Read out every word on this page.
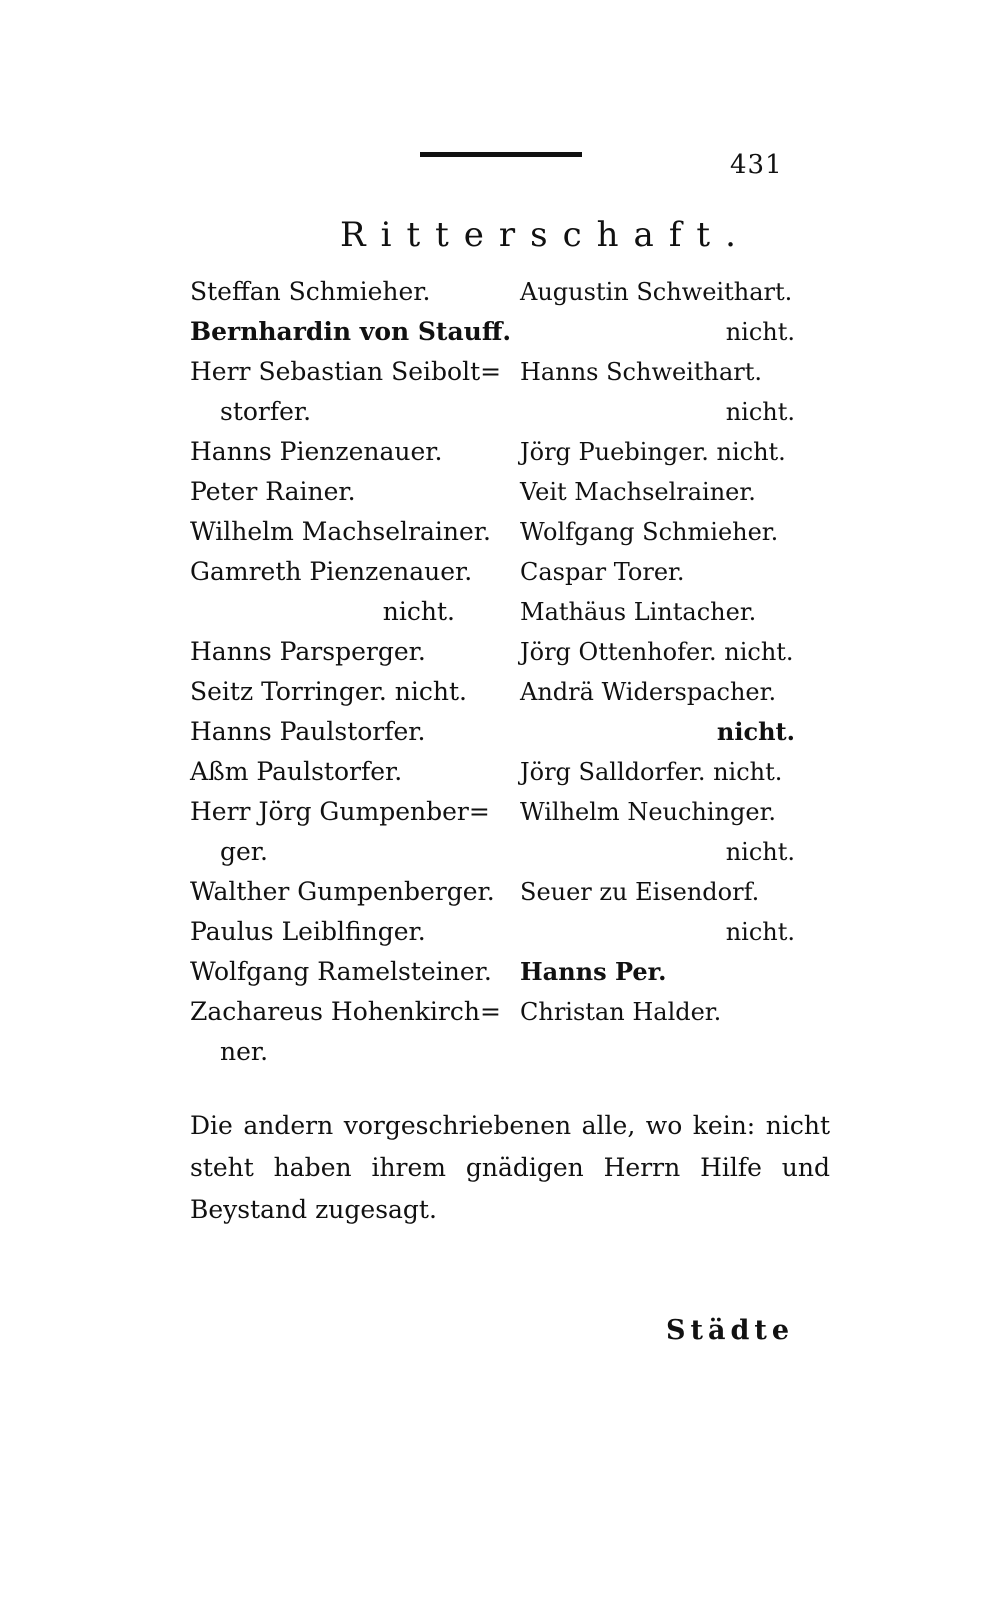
431
Ritterschaft.
Steffan Schmieher.
Bernhardin von Stauff.
Herr Sebastian Seibolt=
storfer.
Hanns Pienzenauer.
Peter Rainer.
Wilhelm Machselrainer.
Gamreth Pienzenauer.
nicht.
Hanns Parsperger.
Seitz Torringer. nicht.
Hanns Paulstorfer.
Aßm Paulstorfer.
Herr Jörg Gumpenber=
ger.
Walther Gumpenberger.
Paulus Leiblfinger.
Wolfgang Ramelsteiner.
Zachareus Hohenkirch=
ner.
Augustin Schweithart.
nicht.
Hanns Schweithart.
nicht.
Jörg Puebinger. nicht.
Veit Machselrainer.
Wolfgang Schmieher.
Caspar Torer.
Mathäus Lintacher.
Jörg Ottenhofer. nicht.
Andrä Widerspacher.
nicht.
Jörg Salldorfer. nicht.
Wilhelm Neuchinger.
nicht.
Seuer zu Eisendorf.
nicht.
Hanns Per.
Christan Halder.

Die andern vorgeschriebenen alle, wo kein: nicht steht haben ihrem gnädigen Herrn Hilfe und Beystand zugesagt.

Städte
